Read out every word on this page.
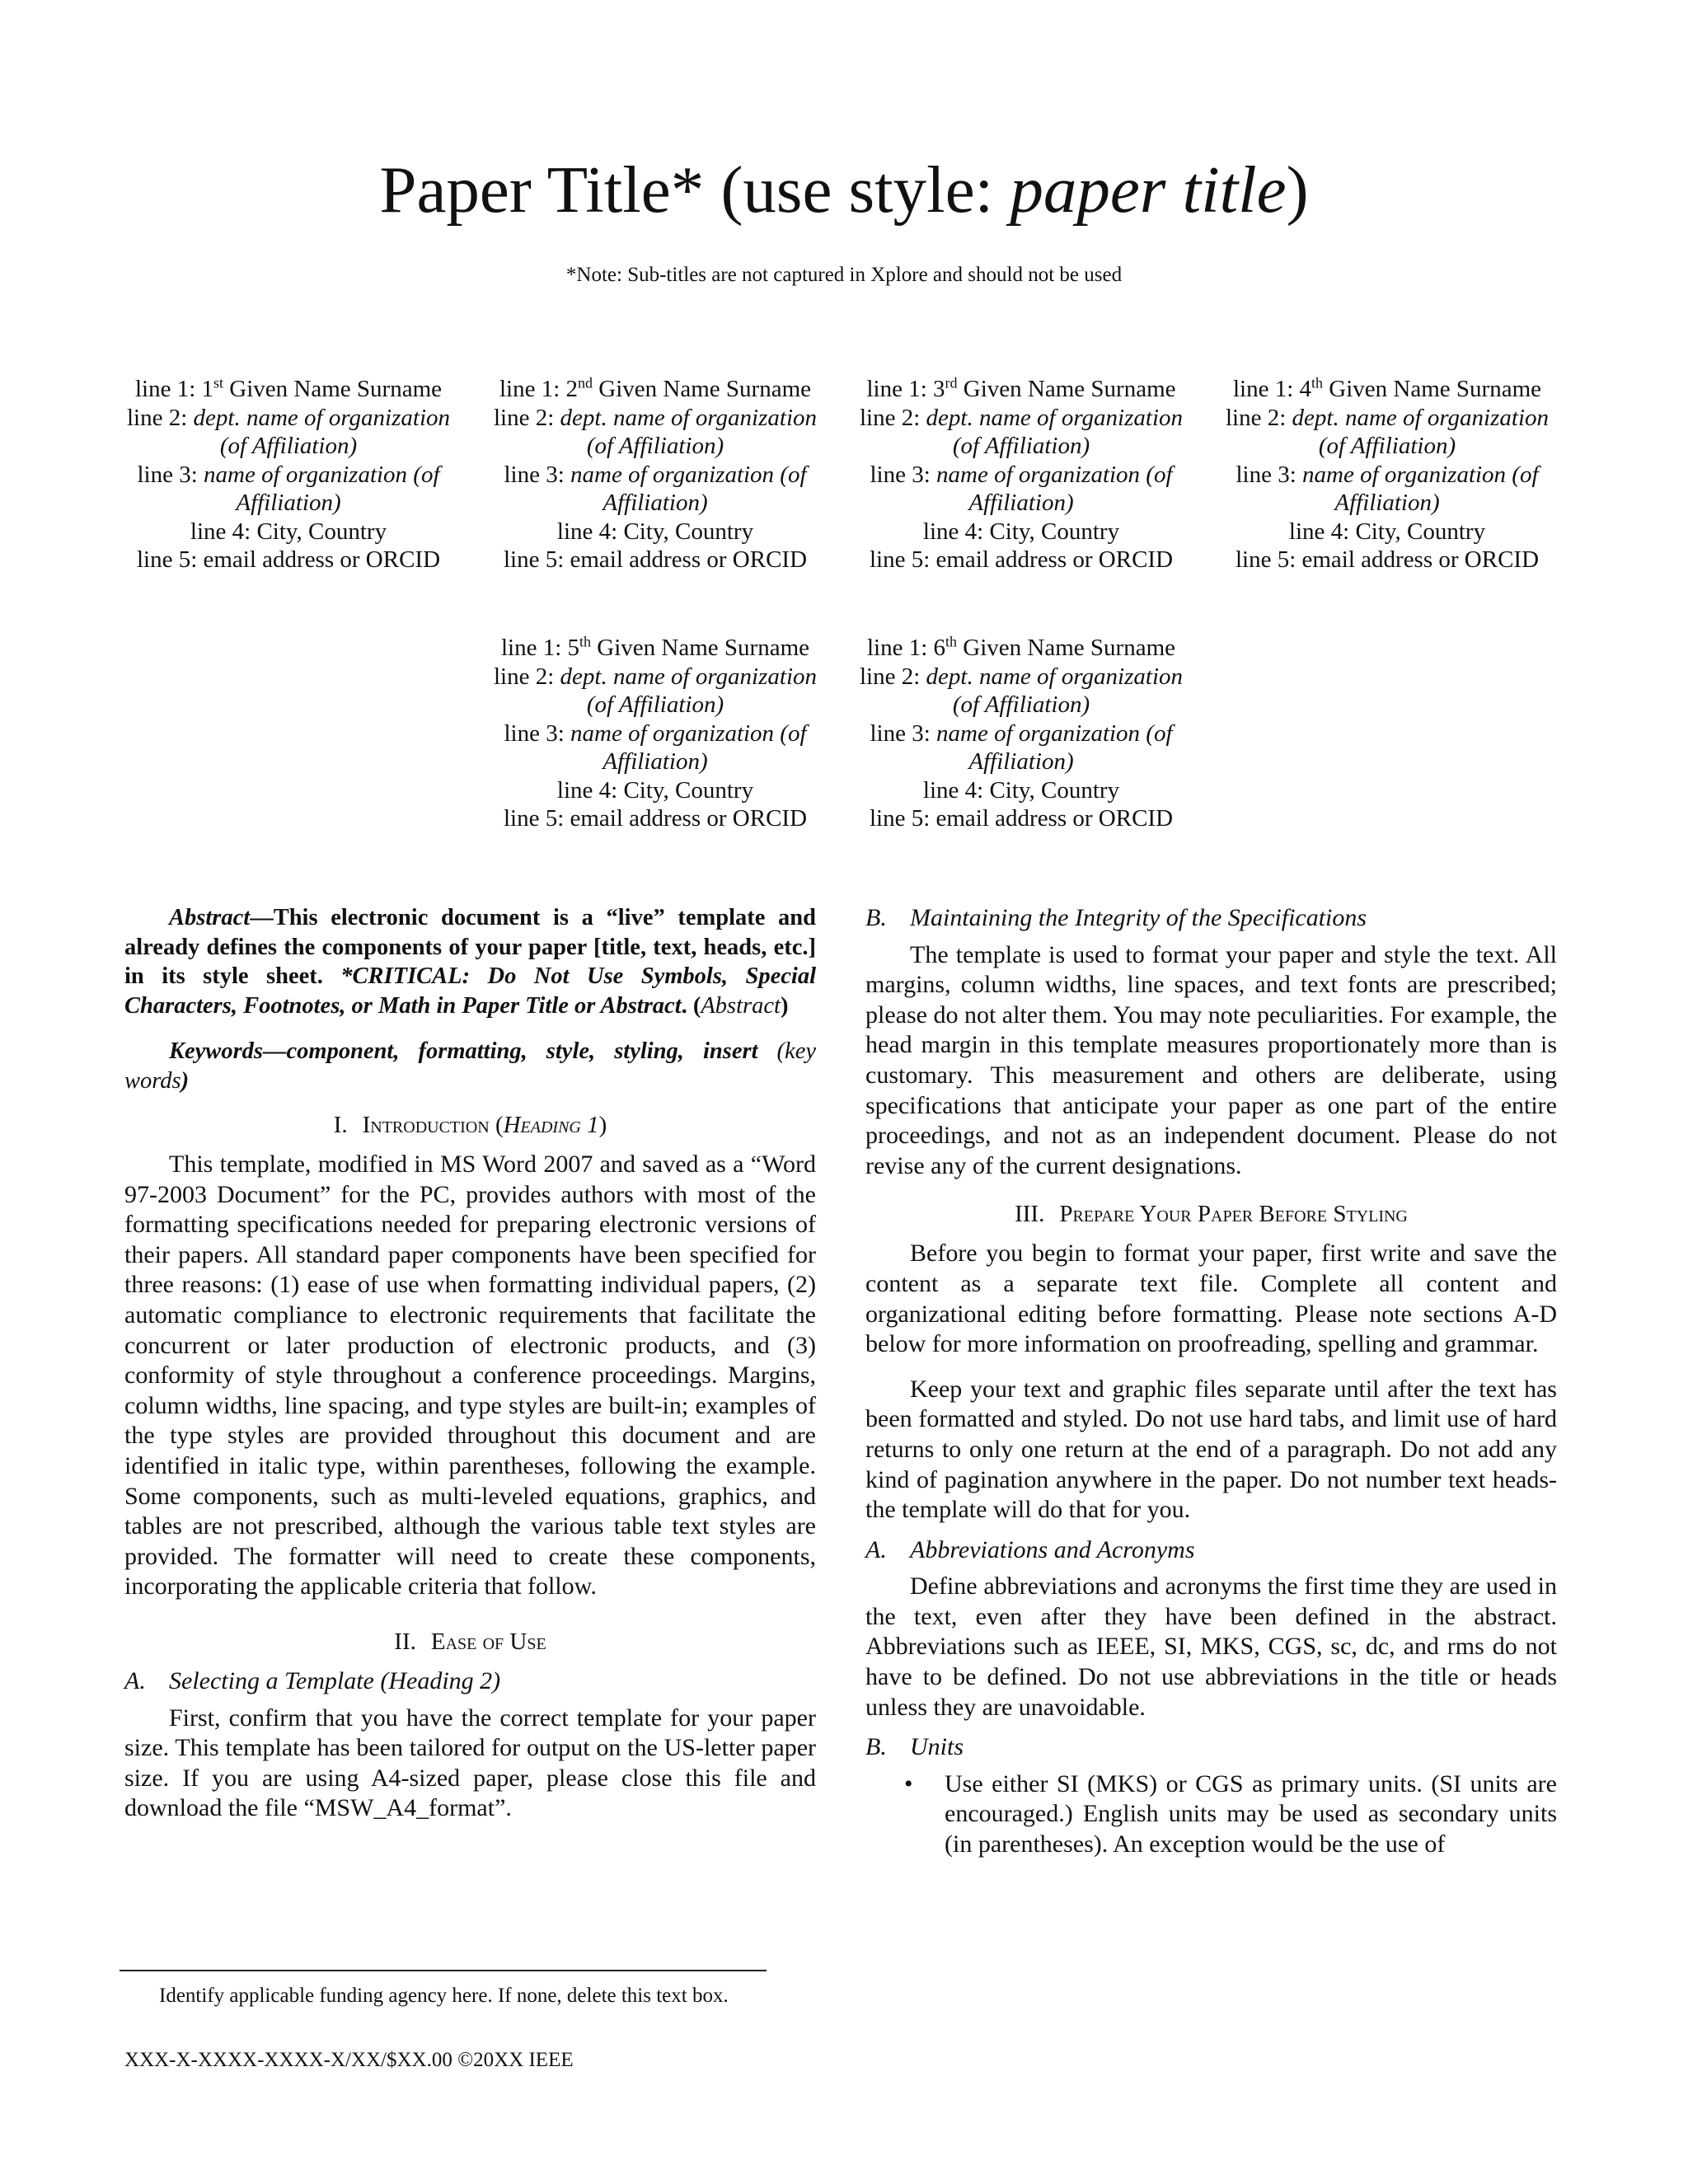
Paper Title* (use style: paper title)
*Note: Sub-titles are not captured in Xplore and should not be used
line 1: 1st Given Name Surname
line 2: dept. name of organization
(of Affiliation)
line 3: name of organization (of
Affiliation)
line 4: City, Country
line 5: email address or ORCID
line 1: 2nd Given Name Surname
line 2: dept. name of organization
(of Affiliation)
line 3: name of organization (of
Affiliation)
line 4: City, Country
line 5: email address or ORCID
line 1: 3rd Given Name Surname
line 2: dept. name of organization
(of Affiliation)
line 3: name of organization (of
Affiliation)
line 4: City, Country
line 5: email address or ORCID
line 1: 4th Given Name Surname
line 2: dept. name of organization
(of Affiliation)
line 3: name of organization (of
Affiliation)
line 4: City, Country
line 5: email address or ORCID
line 1: 5th Given Name Surname
line 2: dept. name of organization
(of Affiliation)
line 3: name of organization (of
Affiliation)
line 4: City, Country
line 5: email address or ORCID
line 1: 6th Given Name Surname
line 2: dept. name of organization
(of Affiliation)
line 3: name of organization (of
Affiliation)
line 4: City, Country
line 5: email address or ORCID

Abstract—This electronic document is a “live” template and already defines the components of your paper [title, text, heads, etc.] in its style sheet. *CRITICAL: Do Not Use Symbols, Special Characters, Footnotes, or Math in Paper Title or Abstract. (Abstract)

Keywords—component, formatting, style, styling, insert (key words)

I. Introduction (Heading 1)

This template, modified in MS Word 2007 and saved as a “Word 97-2003 Document” for the PC, provides authors with most of the formatting specifications needed for preparing electronic versions of their papers. All standard paper components have been specified for three reasons: (1) ease of use when formatting individual papers, (2) automatic compliance to electronic requirements that facilitate the concurrent or later production of electronic products, and (3) conformity of style throughout a conference proceedings. Margins, column widths, line spacing, and type styles are built-in; examples of the type styles are provided throughout this document and are identified in italic type, within parentheses, following the example. Some components, such as multi-leveled equations, graphics, and tables are not prescribed, although the various table text styles are provided. The formatter will need to create these components, incorporating the applicable criteria that follow.

II. Ease of Use

A. Selecting a Template (Heading 2)

First, confirm that you have the correct template for your paper size. This template has been tailored for output on the US-letter paper size. If you are using A4-sized paper, please close this file and download the file “MSW_A4_format”.

B. Maintaining the Integrity of the Specifications

The template is used to format your paper and style the text. All margins, column widths, line spaces, and text fonts are prescribed; please do not alter them. You may note peculiarities. For example, the head margin in this template measures proportionately more than is customary. This measurement and others are deliberate, using specifications that anticipate your paper as one part of the entire proceedings, and not as an independent document. Please do not revise any of the current designations.

III. Prepare Your Paper Before Styling

Before you begin to format your paper, first write and save the content as a separate text file. Complete all content and organizational editing before formatting. Please note sections A-D below for more information on proofreading, spelling and grammar.

Keep your text and graphic files separate until after the text has been formatted and styled. Do not use hard tabs, and limit use of hard returns to only one return at the end of a paragraph. Do not add any kind of pagination anywhere in the paper. Do not number text heads-the template will do that for you.

A. Abbreviations and Acronyms

Define abbreviations and acronyms the first time they are used in the text, even after they have been defined in the abstract. Abbreviations such as IEEE, SI, MKS, CGS, sc, dc, and rms do not have to be defined. Do not use abbreviations in the title or heads unless they are unavoidable.

B. Units

• Use either SI (MKS) or CGS as primary units. (SI units are encouraged.) English units may be used as secondary units (in parentheses). An exception would be the use of

Identify applicable funding agency here. If none, delete this text box.
XXX-X-XXXX-XXXX-X/XX/$XX.00 ©20XX IEEE
